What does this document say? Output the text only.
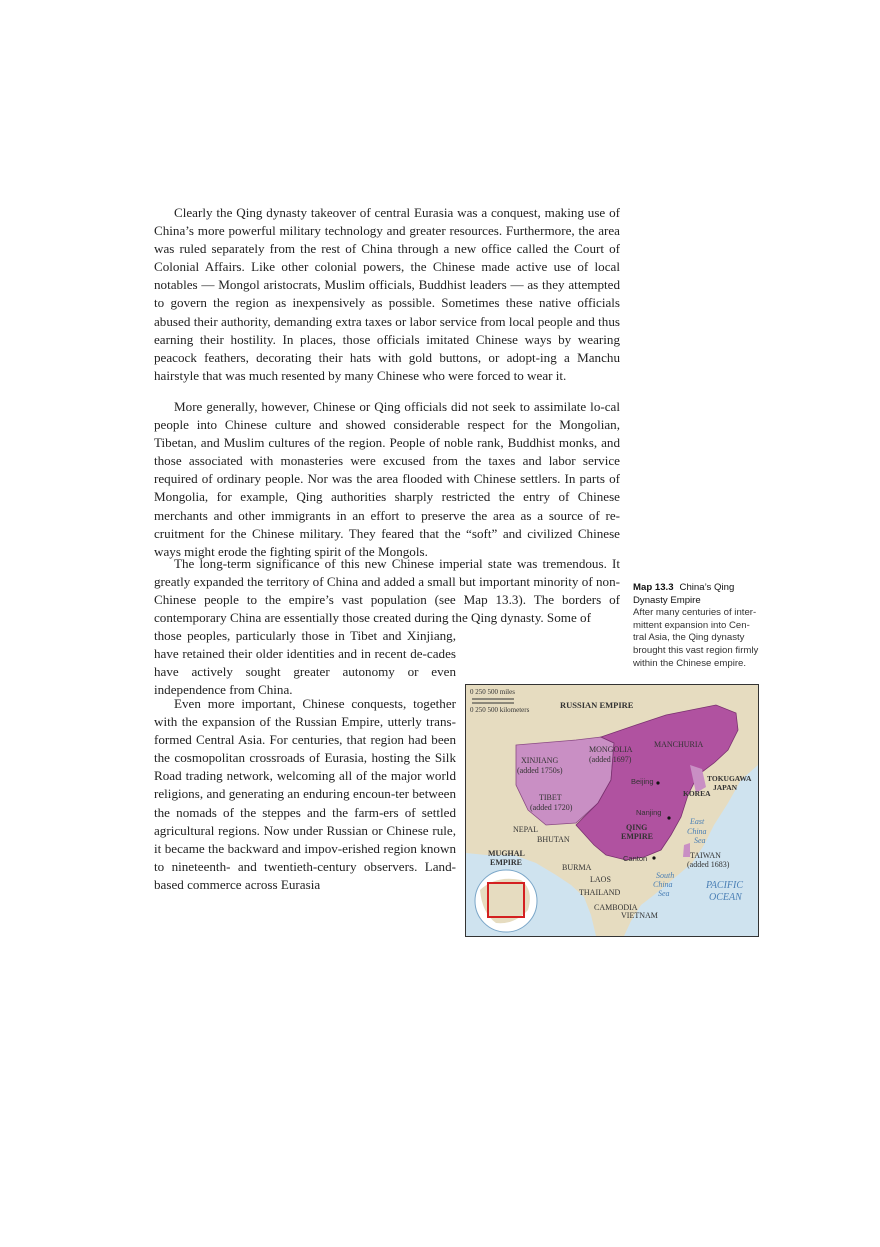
Clearly the Qing dynasty takeover of central Eurasia was a conquest, making use of China’s more powerful military technology and greater resources. Furthermore, the area was ruled separately from the rest of China through a new office called the Court of Colonial Affairs. Like other colonial powers, the Chinese made active use of local notables — Mongol aristocrats, Muslim officials, Buddhist leaders — as they attempted to govern the region as inexpensively as possible. Sometimes these native officials abused their authority, demanding extra taxes or labor service from local people and thus earning their hostility. In places, those officials imitated Chinese ways by wearing peacock feathers, decorating their hats with gold buttons, or adopt-ing a Manchu hairstyle that was much resented by many Chinese who were forced to wear it.

More generally, however, Chinese or Qing officials did not seek to assimilate lo-cal people into Chinese culture and showed considerable respect for the Mongolian, Tibetan, and Muslim cultures of the region. People of noble rank, Buddhist monks, and those associated with monasteries were excused from the taxes and labor service required of ordinary people. Nor was the area flooded with Chinese settlers. In parts of Mongolia, for example, Qing authorities sharply restricted the entry of Chinese merchants and other immigrants in an effort to preserve the area as a source of re-cruitment for the Chinese military. They feared that the “soft” and civilized Chinese ways might erode the fighting spirit of the Mongols.

The long-term significance of this new Chinese imperial state was tremendous. It greatly expanded the territory of China and added a small but important minority of non-Chinese people to the empire’s vast population (see Map 13.3). The borders of contemporary China are essentially those created during the Qing dynasty. Some of

those peoples, particularly those in Tibet and Xinjiang, have retained their older identities and in recent de-cades have actively sought greater autonomy or even independence from China.

Even more important, Chinese conquests, together with the expansion of the Russian Empire, utterly trans-formed Central Asia. For centuries, that region had been the cosmopolitan crossroads of Eurasia, hosting the Silk Road trading network, welcoming all of the major world religions, and generating an enduring encoun-ter between the nomads of the steppes and the farm-ers of settled agricultural regions. Now under Russian or Chinese rule, it became the backward and impov-erished region known to nineteenth- and twentieth-century observers. Land-based commerce across Eurasia

Map 13.3 China’s Qing Dynasty Empire
After many centuries of inter-mittent expansion into Cen-tral Asia, the Qing dynasty brought this vast region firmly within the Chinese empire.
0 250 500 miles
0 250 500 kilometers	RUSSIAN EMPIRE
MANCHURIA
MONGOLIA
(added 1697)
XINJIANG
(added 1750s)
Beijing	TOKUGAWA
JAPAN
KOREA
TIBET
(added 1720)
Nanjing
East
China
Sea
NEPAL	QING
EMPIRE
BHUTAN
MUGHAL
EMPIRE
TAIWAN
(added 1683)
Canton
BURMA
LAOS	South
China
Sea
PACIFIC
OCEAN
THAILAND
CAMBODIA
VIETNAM
